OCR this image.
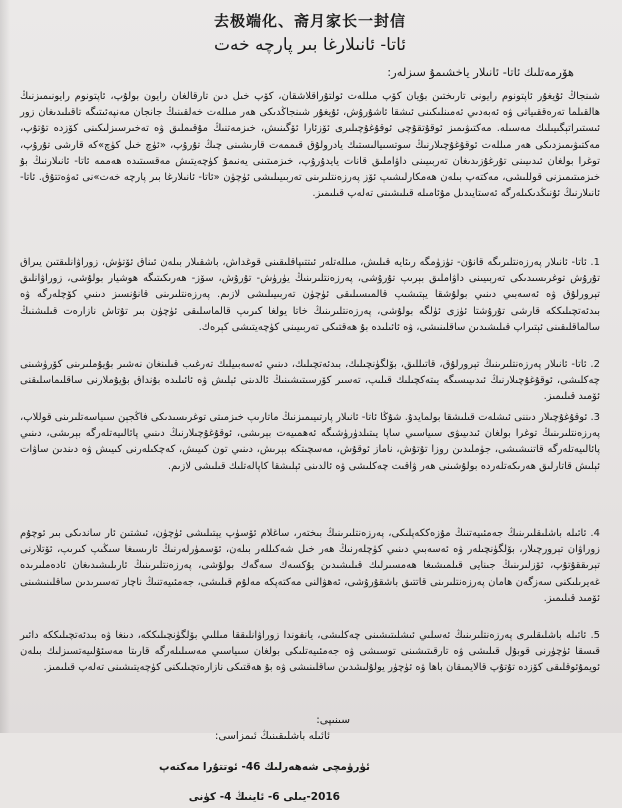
去极端化、斋月家长一封信
ئاتا- ئانىلارغا بىر پارچە خەت
ھۆرمەتلىك ئاتا- ئانىلار ياخشىمۇ سىزلەر:
شىنجاڭ ئۇيغۇر ئاپتونوم رايونى تارىختىن بۇيان كۆپ مىللەت ئولتۇراقلاشقان، كۆپ خىل دىن تارقالغان رايون بولۇپ، ئاپتونوم رايونىمىزنىڭ ھالقىلما تەرەققىياتى ۋە ئەبەدىي ئەمىنلىكىنى ئىشقا ئاشۇرۇش، ئۇيغۇر شىنجاڭدىكى ھەر مىللەت خەلقىنىڭ جانجان مەنپەئىتىگە تاقىلىدىغان زور ئىستىراتېگىيىلىك مەسىلە. مەكتىۋىمىز ئوقۇتقۇچى ئوقۇغۇچىلىرى ئۆزئارا ئۆگىنىش، خىزمەتنىڭ مۇقىملىق ۋە تەخىرسىزلىكىنى كۆزدە تۇتۇپ، مەكتىۋىمىزدىكى ھەر مىللەت ئوقۇغۇچىلارنىڭ سوتسىيالىستىك يادرولۇق قىممەت قارىشىنى چىڭ تۇرۇپ، «ئۈچ خىل كۈچ»كە قارشى تۇرۇپ، توغرا بولغان ئىدىيىنى تۇرغۇزىدىغان تەربىيىنى داۋاملىق قانات يايدۇرۇپ، خىزمىتىنى يەنىمۇ كۈچەيتىش مەقسىتىدە ھەممە ئاتا- ئانىلارنىڭ بۇ خىزمىتىمىزنى قوللىشى، مەكتەپ بىلەن ھەمكارلىشىپ ئۆز پەرزەنتلىرىنى تەربىيىلىشى ئۈچۈن «ئاتا- ئانىلارغا بىر پارچە خەت»نى ئەۋەتتۇق. ئاتا- ئانىلارنىڭ ئۇنىڭدىكىلەرگە ئەستايىدىل مۇئامىلە قىلىشىنى تەلەپ قىلىمىز.
1. ئاتا- ئانىلار پەرزەنتلىرىگە قانۇن- تۈزۈمگە رىئايە قىلىش، مىللەتلەر ئىتتىپاقلىقىنى قوغداش، باشقىلار بىلەن ئىناق ئۆتۈش، زوراۋانلىقتىن يىراق تۇرۇش توغرىسىدىكى تەربىيىنى داۋاملىق بېرىپ تۇرۇشى، پەرزەنتلىرىنىڭ يۈرۈش- تۇرۇش، سۆز- ھەرىكىتىگە ھوشيار بولۇشى، زوراۋانلىق تېرورلۇق ۋە ئەسەبىي دىنىي بولۇشقا يېتىشىپ قالمىسىلىقى ئۈچۈن تەربىيىلىشى لازىم. پەرزەنتلىرىنى قانۇنسىز دىنىي كۆچلەرگە ۋە بىدئەتچىلىككە قارشى تۇرۇشتا ئۈزى ئۈلگە بولۇشى، پەرزەنتلىرىنىڭ خاتا يولغا كىرىپ قالماسلىقى ئۈچۈن بىر تۇتاش نازارەت قىلىشنىڭ سالماقلىقىنى ئېتىراپ قىلىشىدىن ساقلىنىشى، ۋە ئائىلىدە بۇ ھەقتىكى تەربىيىنى كۈچەيتىشى كېرەك.
2. ئاتا- ئانىلار پەرزەنتلىرىنىڭ تېرورلۇق، قاتىللىق، بۆلگۈنچىلىك، بىدئەتچىلىك، دىنىي ئەسەبىيلىك تەرغىب قىلىنغان نەشىر بۇيۇملىرىنى كۆرۈشىنى چەكلىشى، ئوقۇغۇچىلارنىڭ ئىدىيىسىگە يىتەكچىلىك قىلىپ، تەسىر كۆرسىتىشىنىڭ ئالدىنى ئېلىش ۋە ئائىلىدە بۇنداق بۇيۇملارنى ساقلىماسلىقنى ئۆمىد قىلىمىز.
3. ئوقۇغۇچىلار دىننى ئىشلەت قىلىشقا بولمايدۇ. شۇڭا ئاتا- ئانىلار پارتىيىمىزنىڭ ماتارىپ خىزمىتى توغرىسىدىكى فاڭجېن سىياسەتلىرىنى قوللاپ، پەرزەنتلىرىنىڭ توغرا بولغان ئىدىيىۋى سىياسىي ساپا يىتىلدۈرۈشىگە ئەھمىيەت بېرىشى، ئوقۇغۇچىلارنىڭ دىنىي پائالىيەتلەرگە بېرىشى، دىنىي پائالىيەتلەرگە قاتنىشىشى، جۈملىدىن روزا تۇتۇش، ناماز ئوقۇش، مەسچىتكە بېرىش، دىنىي تون كىيىش، كەچكىلەرنى كىيىش ۋە دىندىن ساۋات ئېلىش قاتارلىق ھەرىكەتلەردە بولۇشىنى ھەر ۋاقىت چەكلىشى ۋە ئالدىنى ئېلىشقا كاپالەتلىك قىلىشى لازىم.
4. ئائىلە باشلىقلىرىنىڭ جەمئىيەتنىڭ مۇزەككەپلىكى، پەرزەنتلىرىنىڭ بىختەر، ساغلام ئۆسۈپ يېتىلىشى ئۈچۈن، ئىشتىن ئار ساندىكى بىر ئوچۇم زوراۋان تېرورچىلار، بۆلگۈنچىلەر ۋە ئەسەبىي دىنىي كۈچلەرنىڭ ھەر خىل شەكىللەر بىلەن، ئۆسمۈرلەرنىڭ ئارىسىغا سىڭىپ كىرىپ، ئۆتلارنى تېرىققۇتۇپ، ئۆزلىرىنىڭ جىنايى قىلمىشىغا ھەمسىرلىك قىلىشىدىن يۇكسەك سەگەك بولۇشى، پەرزەنتلىرىنىڭ ئارىلىشىدىغان ئادەملىرىدە غەيرىلىكنى سەزگەن ھامان پەرزەنتلىرىنى قاتتىق باشقۇرۇشى، ئەھۋالنى مەكتەپكە مەلۇم قىلىشى، جەمئىيەتنىڭ ناچار تەسىرىدىن ساقلىنىشىنى ئۆمىد قىلىمىز.
5. ئائىلە باشلىقلىرى پەرزەنتلىرىنىڭ ئەسلىي ئىشلىتىشىنى چەكلىشى، يانفوندا زوراۋانلىققا مىللىي بۆلگۈنچىلىككە، دىنغا ۋە بىدئەتچىلىككە دائىر قىسقا ئۈچۈرنى قوبۇل قىلىشى ۋە تارقىتىشىنى توسىشى ۋە جەمئىيەتلىكى بولغان سىياسىي مەسىلىلەرگە قارىتا مەسئۇلىيەتسىزلىك بىلەن ئويمۇئوقلىقى كۆزدە تۇتۇپ قالايمىقان باھا ۋە ئۈچۈر يولۇلىشدىن ساقلىنىشى ۋە بۇ ھەقتىكى نازارەتچىلىكنى كۈچەيتىشىنى تەلەپ قىلىمىز.
سىنىپى:
ئائىلە باشلىقىنىڭ ئىمزاسى:
ئۈرۈمچى شەھەرلىك 46- ئوتتۇرا مەكتەپ
2016-يىلى 6- ئاينىڭ 4- كۈنى
